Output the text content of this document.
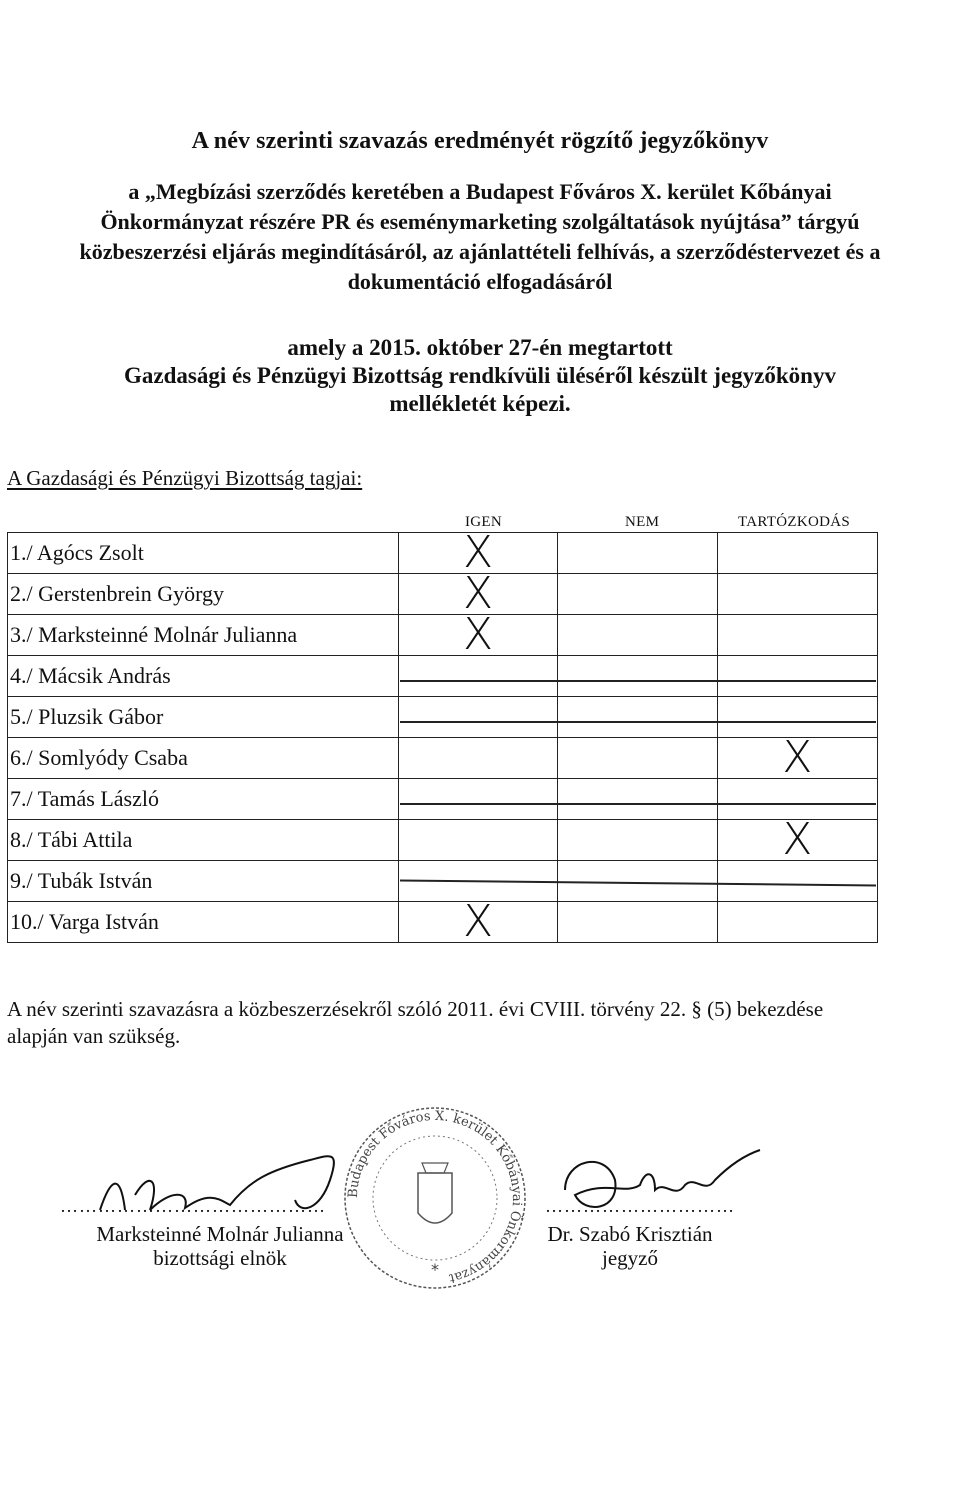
A név szerinti szavazás eredményét rögzítő jegyzőkönyv
a „Megbízási szerződés keretében a Budapest Főváros X. kerület Kőbányai
Önkormányzat részére PR és eseménymarketing szolgáltatások nyújtása” tárgyú
közbeszerzési eljárás megindításáról, az ajánlattételi felhívás, a szerződéstervezet és a
dokumentáció elfogadásáról
amely a 2015. október 27-én megtartott
Gazdasági és Pénzügyi Bizottság rendkívüli üléséről készült jegyzőkönyv
mellékletét képezi.
A Gazdasági és Pénzügyi Bizottság tagjai:
IGEN	NEM	TARTÓZKODÁS
1./ Agócs Zsolt	X		

2./ Gerstenbrein György	X		

3./ Marksteinné Molnár Julianna	X		

4./ Mácsik András			
5./ Pluzsik Gábor			
6./ Somlyódy Csaba			X

7./ Tamás László			
8./ Tábi Attila			X

9./ Tubák István			
10./ Varga István	X		

A név szerinti szavazásra a közbeszerzésekről szóló 2011. évi CVIII. törvény 22. § (5) bekezdése
alapján van szükség.
……………………………………
Marksteinné Molnár Julianna
bizottsági elnök
Budapest Főváros X. kerület Kőbányai Önkormányzat
*
…………………………
Dr. Szabó Krisztián
jegyző
